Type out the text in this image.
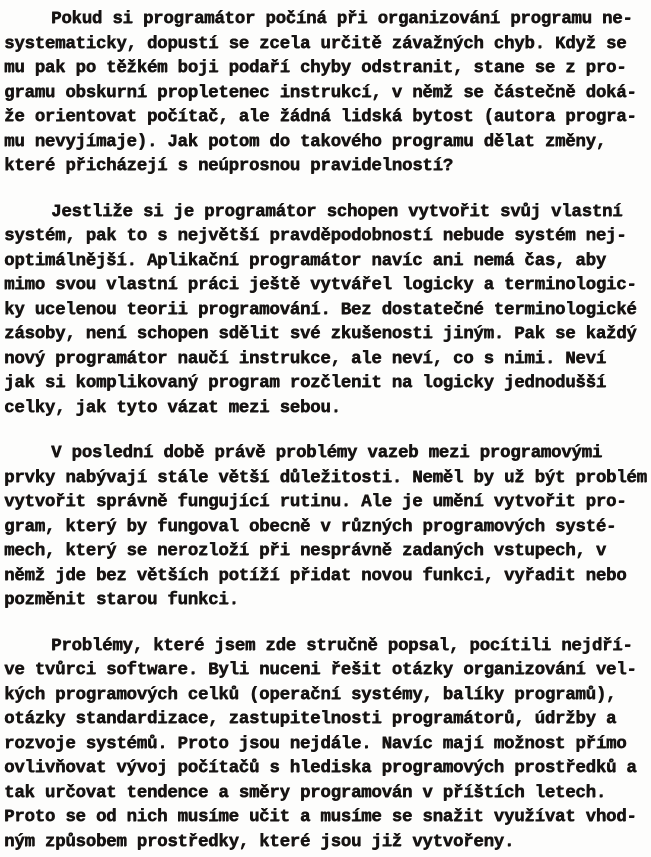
Pokud si programátor počíná při organizování programu ne-
systematicky, dopustí se zcela určitě závažných chyb. Když se
mu pak po těžkém boji podaří chyby odstranit, stane se z pro-
gramu obskurní propletenec instrukcí, v němž se částečně doká-
že orientovat počítač, ale žádná lidská bytost (autora progra-
mu nevyjímaje). Jak potom do takového programu dělat změny,
které přicházejí s neúprosnou pravidelností?

Jestliže si je programátor schopen vytvořit svůj vlastní
systém, pak to s největší pravděpodobností nebude systém nej-
optimálnější. Aplikační programátor navíc ani nemá čas, aby
mimo svou vlastní práci ještě vytvářel logicky a terminologic-
ky ucelenou teorii programování. Bez dostatečné terminologické
zásoby, není schopen sdělit své zkušenosti jiným. Pak se každý
nový programátor naučí instrukce, ale neví, co s nimi. Neví
jak si komplikovaný program rozčlenit na logicky jednodušší
celky, jak tyto vázat mezi sebou.

V poslední době právě problémy vazeb mezi programovými
prvky nabývají stále větší důležitosti. Neměl by už být problém
vytvořit správně fungující rutinu. Ale je umění vytvořit pro-
gram, který by fungoval obecně v různých programových systé-
mech, který se nerozloží při nesprávně zadaných vstupech, v
němž jde bez větších potíží přidat novou funkci, vyřadit nebo
pozměnit starou funkci.

Problémy, které jsem zde stručně popsal, pocítili nejdří-
ve tvůrci software. Byli nuceni řešit otázky organizování vel-
kých programových celků (operační systémy, balíky programů),
otázky standardizace, zastupitelnosti programátorů, údržby a
rozvoje systémů. Proto jsou nejdále. Navíc mají možnost přímo
ovlivňovat vývoj počítačů s hlediska programových prostředků a
tak určovat tendence a směry programován v příštích letech.
Proto se od nich musíme učit a musíme se snažit využívat vhod-
ným způsobem prostředky, které jsou již vytvořeny.
